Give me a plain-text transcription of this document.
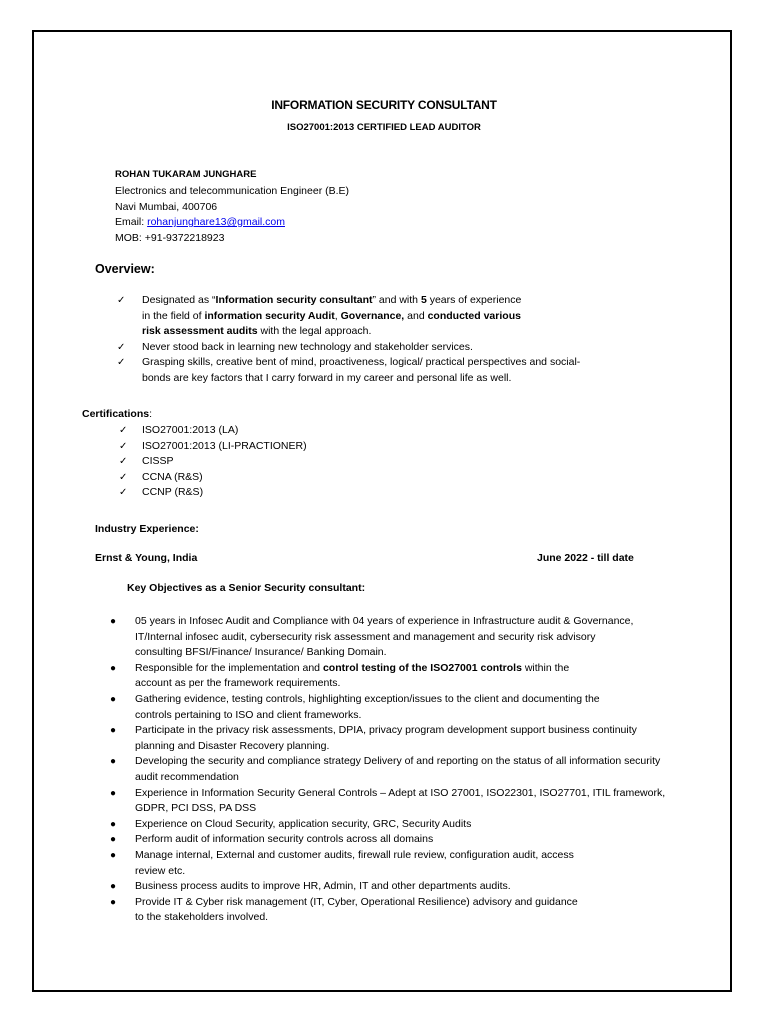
INFORMATION SECURITY CONSULTANT
ISO27001:2013 CERTIFIED LEAD AUDITOR
ROHAN TUKARAM JUNGHARE
Electronics and telecommunication Engineer (B.E)
Navi Mumbai, 400706
Email: rohanjunghare13@gmail.com
MOB: +91-9372218923
Overview:
✓ Designated as “Information security consultant” and with 5 years of experience
in the field of information security Audit, Governance, and conducted various
risk assessment audits with the legal approach.
✓ Never stood back in learning new technology and stakeholder services.
✓ Grasping skills, creative bent of mind, proactiveness, logical/ practical perspectives and social-
bonds are key factors that I carry forward in my career and personal life as well.
Certifications:
✓ ISO27001:2013 (LA)
✓ ISO27001:2013 (LI-PRACTIONER)
✓ CISSP
✓ CCNA (R&S)
✓ CCNP (R&S)
Industry Experience:
Ernst & Young, India	June 2022 - till date
Key Objectives as a Senior Security consultant:
● 05 years in Infosec Audit and Compliance with 04 years of experience in Infrastructure audit & Governance,
IT/Internal infosec audit, cybersecurity risk assessment and management and security risk advisory
consulting BFSI/Finance/ Insurance/ Banking Domain.
● Responsible for the implementation and control testing of the ISO27001 controls within the
account as per the framework requirements.
● Gathering evidence, testing controls, highlighting exception/issues to the client and documenting the
controls pertaining to ISO and client frameworks.
● Participate in the privacy risk assessments, DPIA, privacy program development support business continuity
planning and Disaster Recovery planning.
● Developing the security and compliance strategy Delivery of and reporting on the status of all information security
audit recommendation
● Experience in Information Security General Controls – Adept at ISO 27001, ISO22301, ISO27701, ITIL framework,
GDPR, PCI DSS, PA DSS
● Experience on Cloud Security, application security, GRC, Security Audits
● Perform audit of information security controls across all domains
● Manage internal, External and customer audits, firewall rule review, configuration audit, access
review etc.
● Business process audits to improve HR, Admin, IT and other departments audits.
● Provide IT & Cyber risk management (IT, Cyber, Operational Resilience) advisory and guidance
to the stakeholders involved.
